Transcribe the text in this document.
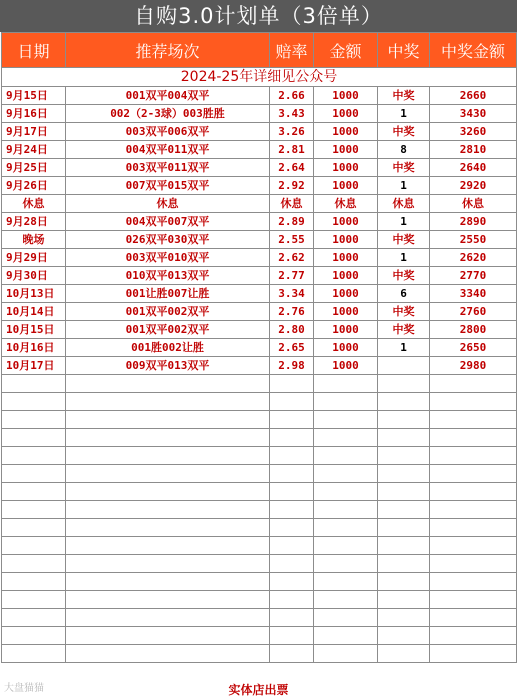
自购3.0计划单（3倍单）
日期	推荐场次	赔率	金额	中奖	中奖金额
2024-25年详细见公众号					
9月15日	001双平004双平	2.66	1000	中奖	2660
9月16日	002（2-3球）003胜胜	3.43	1000	1	3430
9月17日	003双平006双平	3.26	1000	中奖	3260
9月24日	004双平011双平	2.81	1000	8	2810
9月25日	003双平011双平	2.64	1000	中奖	2640
9月26日	007双平015双平	2.92	1000	1	2920
休息	休息	休息	休息	休息	休息
9月28日	004双平007双平	2.89	1000	1	2890
晚场	026双平030双平	2.55	1000	中奖	2550
9月29日	003双平010双平	2.62	1000	1	2620
9月30日	010双平013双平	2.77	1000	中奖	2770
10月13日	001让胜007让胜	3.34	1000	6	3340
10月14日	001双平002双平	2.76	1000	中奖	2760
10月15日	001双平002双平	2.80	1000	中奖	2800
10月16日	001胜002让胜	2.65	1000	1	2650
10月17日	009双平013双平	2.98	1000		2980

大盘猫猫	实体店出票
